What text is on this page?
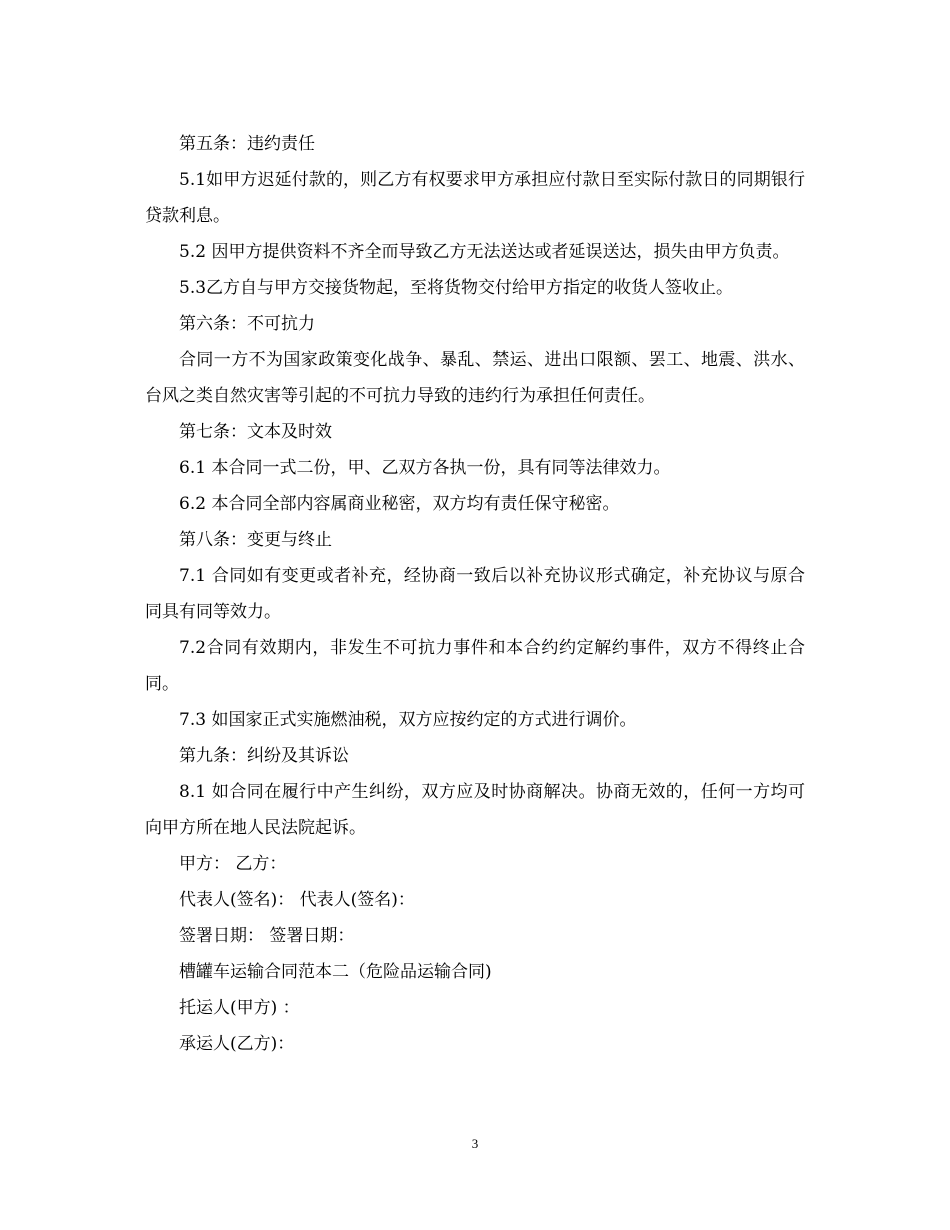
第五条：违约责任

5.1如甲方迟延付款的，则乙方有权要求甲方承担应付款日至实际付款日的同期银行贷款利息。

5.2 因甲方提供资料不齐全而导致乙方无法送达或者延误送达，损失由甲方负责。

5.3乙方自与甲方交接货物起，至将货物交付给甲方指定的收货人签收止。

第六条：不可抗力

合同一方不为国家政策变化战争、暴乱、禁运、进出口限额、罢工、地震、洪水、台风之类自然灾害等引起的不可抗力导致的违约行为承担任何责任。

第七条：文本及时效

6.1 本合同一式二份，甲、乙双方各执一份，具有同等法律效力。

6.2 本合同全部内容属商业秘密，双方均有责任保守秘密。

第八条：变更与终止

7.1 合同如有变更或者补充，经协商一致后以补充协议形式确定，补充协议与原合同具有同等效力。

7.2合同有效期内，非发生不可抗力事件和本合约约定解约事件，双方不得终止合同。

7.3 如国家正式实施燃油税，双方应按约定的方式进行调价。

第九条：纠纷及其诉讼

8.1 如合同在履行中产生纠纷，双方应及时协商解决。协商无效的，任何一方均可向甲方所在地人民法院起诉。

甲方： 乙方：

代表人(签名)： 代表人(签名)：

签署日期： 签署日期：

槽罐车运输合同范本二（危险品运输合同)

托运人(甲方) ：

承运人(乙方)：

3
